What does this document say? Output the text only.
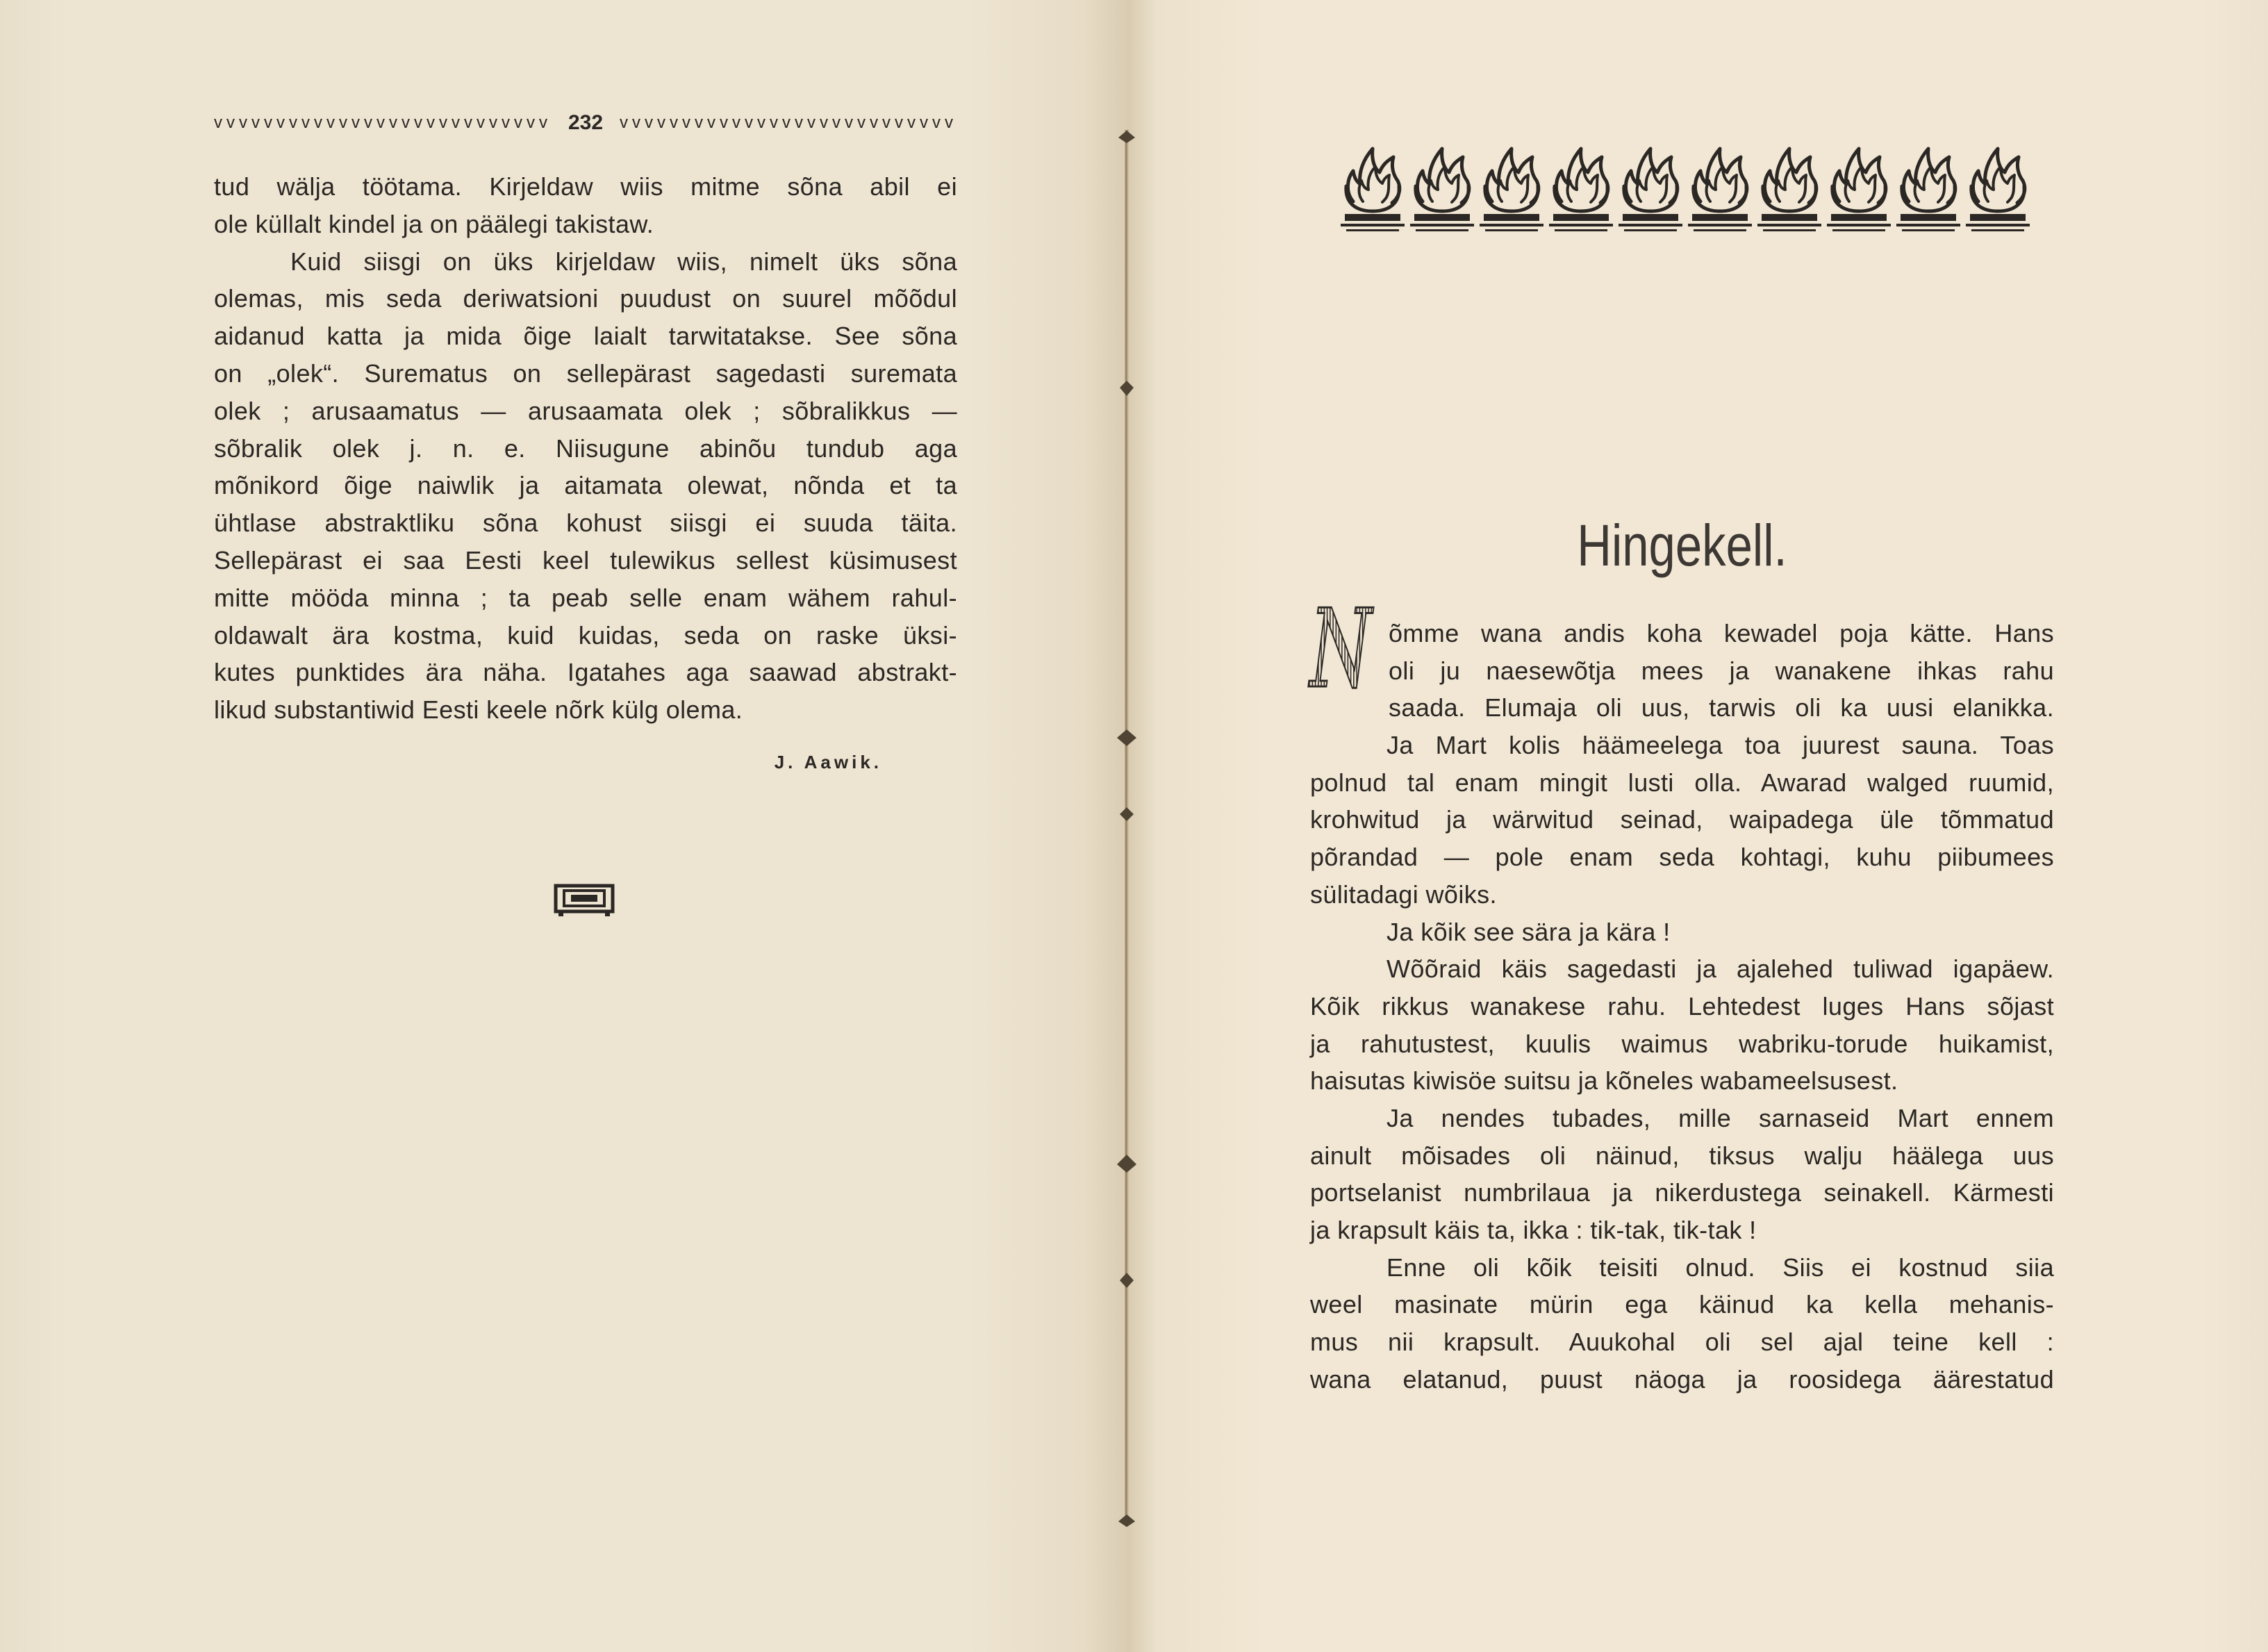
vvvvvvvvvvvvvvvvvvvvvvvvvvv 232 vvvvvvvvvvvvvvvvvvvvvvvvvvv
tud wälja töötama. Kirjeldaw wiis mitme sõna abil ei
ole küllalt kindel ja on päälegi takistaw.
Kuid siisgi on üks kirjeldaw wiis, nimelt üks sõna
olemas, mis seda deriwatsioni puudust on suurel mõõdul
aidanud katta ja mida õige laialt tarwitatakse. See sõna
on „olek“. Surematus on sellepärast sagedasti suremata
olek ; arusaamatus — arusaamata olek ; sõbralikkus —
sõbralik olek j. n. e. Niisugune abinõu tundub aga
mõnikord õige naiwlik ja aitamata olewat, nõnda et ta
ühtlase abstraktliku sõna kohust siisgi ei suuda täita.
Sellepärast ei saa Eesti keel tulewikus sellest küsimusest
mitte mööda minna ; ta peab selle enam wähem rahul-
oldawalt ära kostma, kuid kuidas, seda on raske üksi-
kutes punktides ära näha. Igatahes aga saawad abstrakt-
likud substantiwid Eesti keele nõrk külg olema.
J. Aawik.
Hingekell.
N õmme wana andis koha kewadel poja kätte. Hans
oli ju naesewõtja mees ja wanakene ihkas rahu
saada. Elumaja oli uus, tarwis oli ka uusi elanikka.
Ja Mart kolis häämeelega toa juurest sauna. Toas
polnud tal enam mingit lusti olla. Awarad walged ruumid,
krohwitud ja wärwitud seinad, waipadega üle tõmmatud
põrandad — pole enam seda kohtagi, kuhu piibumees
sülitadagi wõiks.
Ja kõik see sära ja kära !
Wõõraid käis sagedasti ja ajalehed tuliwad igapäew.
Kõik rikkus wanakese rahu. Lehtedest luges Hans sõjast
ja rahutustest, kuulis waimus wabriku-torude huikamist,
haisutas kiwisöe suitsu ja kõneles wabameelsusest.
Ja nendes tubades, mille sarnaseid Mart ennem
ainult mõisades oli näinud, tiksus walju häälega uus
portselanist numbrilaua ja nikerdustega seinakell. Kärmesti
ja krapsult käis ta, ikka : tik-tak, tik-tak !
Enne oli kõik teisiti olnud. Siis ei kostnud siia
weel masinate mürin ega käinud ka kella mehanis-
mus nii krapsult. Auukohal oli sel ajal teine kell :
wana elatanud, puust näoga ja roosidega äärestatud
